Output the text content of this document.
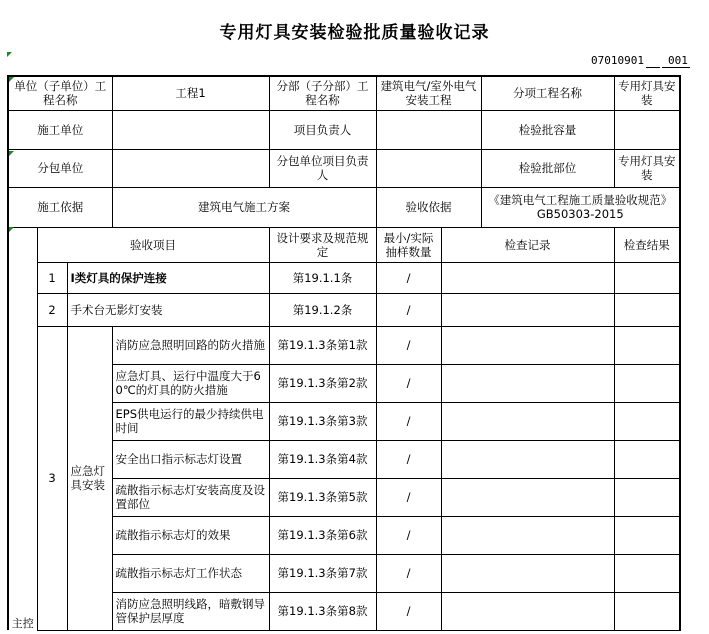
专用灯具安装检验批质量验收记录
07010901 001
单位（子单位）工程名称			工程1	分部（子分部）工程名称	建筑电气/室外电气安装工程		分项工程名称	专用灯具安装
施工单位				项目负责人			检验批容量	
分包单位				分包单位项目负责人			检验批部位	专用灯具安装
施工依据			建筑电气施工方案		验收依据		《建筑电气工程施工质量验收规范》GB50303-2015	
主控	验收项目			设计要求及规范规定	最小/实际抽样数量	检查记录		检查结果
	1	I类灯具的保护连接		第19.1.1条	/			
	2	手术台无影灯安装		第19.1.2条	/			
	3	应急灯具安装	消防应急照明回路的防火措施	第19.1.3条第1款	/			
			应急灯具、运行中温度大于60℃的灯具的防火措施	第19.1.3条第2款	/			
			EPS供电运行的最少持续供电时间	第19.1.3条第3款	/			
			安全出口指示标志灯设置	第19.1.3条第4款	/			
			疏散指示标志灯安装高度及设置部位	第19.1.3条第5款	/			
			疏散指示标志灯的效果	第19.1.3条第6款	/			
			疏散指示标志灯工作状态	第19.1.3条第7款	/			
			消防应急照明线路，暗敷钢导管保护层厚度	第19.1.3条第8款	/			
